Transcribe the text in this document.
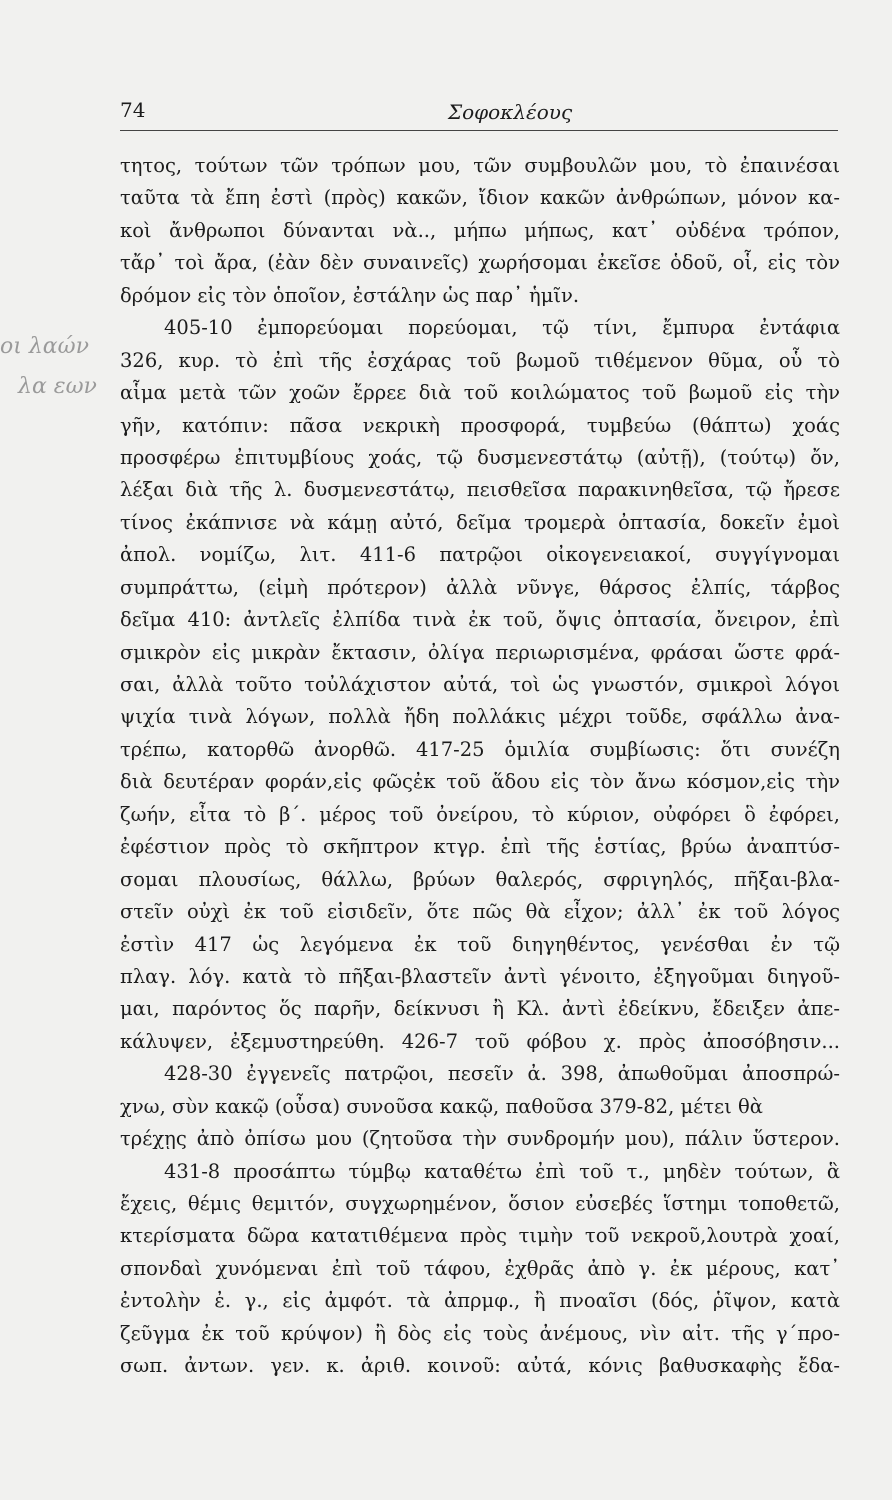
74	Σοφοκλέους
οι λαών
λα εων
τητος, τούτων τῶν τρόπων μου, τῶν συμβουλῶν μου, τὸ ἐπαινέσαι
ταῦτα τὰ ἔπη ἐστὶ (πρὸς) κακῶν, ἴδιον κακῶν ἀνθρώπων, μόνον κα-
κοὶ ἄνθρωποι δύνανται νὰ.., μήπω μήπως, κατ᾿ οὐδένα τρόπον,
τἄρ᾿ τοὶ ἄρα, (ἐὰν δὲν συναινεῖς) χωρήσομαι ἐκεῖσε ὁδοῦ, οἷ, εἰς τὸν
δρόμον εἰς τὸν ὁποῖον, ἐστάλην ὡς παρ᾿ ἡμῖν.
405-10 ἐμπορεύομαι πορεύομαι, τῷ τίνι, ἔμπυρα ἐντάφια
326, κυρ. τὸ ἐπὶ τῆς ἐσχάρας τοῦ βωμοῦ τιθέμενον θῦμα, οὗ τὸ
αἷμα μετὰ τῶν χοῶν ἔρρεε διὰ τοῦ κοιλώματος τοῦ βωμοῦ εἰς τὴν
γῆν, κατόπιν: πᾶσα νεκρικὴ προσφορά, τυμβεύω (θάπτω) χοάς
προσφέρω ἐπιτυμβίους χοάς, τῷ δυσμενεστάτῳ (αὐτῇ), (τούτῳ) ὄν,
λέξαι διὰ τῆς λ. δυσμενεστάτῳ, πεισθεῖσα παρακινηθεῖσα, τῷ ἤρεσε
τίνος ἐκάπνισε νὰ κάμῃ αὐτό, δεῖμα τρομερὰ ὀπτασία, δοκεῖν ἐμοὶ
ἀπολ. νομίζω, λιτ. 411-6 πατρῷοι οἰκογενειακοί, συγγίγνομαι
συμπράττω, (εἰμὴ πρότερον) ἀλλὰ νῦνγε, θάρσος ἐλπίς, τάρβος
δεῖμα 410: ἀντλεῖς ἐλπίδα τινὰ ἐκ τοῦ, ὄψις ὀπτασία, ὄνειρον, ἐπὶ
σμικρὸν εἰς μικρὰν ἔκτασιν, ὀλίγα περιωρισμένα, φράσαι ὥστε φρά-
σαι, ἀλλὰ τοῦτο τοὐλάχιστον αὐτά, τοὶ ὡς γνωστόν, σμικροὶ λόγοι
ψιχία τινὰ λόγων, πολλὰ ἤδη πολλάκις μέχρι τοῦδε, σφάλλω ἀνα-
τρέπω, κατορθῶ ἀνορθῶ. 417-25 ὁμιλία συμβίωσις: ὅτι συνέζη
διὰ δευτέραν φοράν,εἰς φῶςἐκ τοῦ ἅδου εἰς τὸν ἄνω κόσμον,εἰς τὴν
ζωήν, εἶτα τὸ β΄. μέρος τοῦ ὀνείρου, τὸ κύριον, οὐφόρει ὃ ἐφόρει,
ἐφέστιον πρὸς τὸ σκῆπτρον κτγρ. ἐπὶ τῆς ἑστίας, βρύω ἀναπτύσ-
σομαι πλουσίως, θάλλω, βρύων θαλερός, σφριγηλός, πῆξαι-βλα-
στεῖν οὐχὶ ἐκ τοῦ εἰσιδεῖν, ὅτε πῶς θὰ εἶχον; ἀλλ᾿ ἐκ τοῦ λόγος
ἐστὶν 417 ὡς λεγόμενα ἐκ τοῦ διηγηθέντος, γενέσθαι ἐν τῷ
πλαγ. λόγ. κατὰ τὸ πῆξαι-βλαστεῖν ἀντὶ γένοιτο, ἐξηγοῦμαι διηγοῦ-
μαι, παρόντος ὅς παρῆν, δείκνυσι ἢ Κλ. ἀντὶ ἐδείκνυ, ἔδειξεν ἀπε-
κάλυψεν, ἐξεμυστηρεύθη. 426-7 τοῦ φόβου χ. πρὸς ἀποσόβησιν...
428-30 ἐγγενεῖς πατρῷοι, πεσεῖν ἀ. 398, ἀπωθοῦμαι ἀποσπρώ-
χνω, σὺν κακῷ (οὖσα) συνοῦσα κακῷ, παθοῦσα 379-82, μέτει θὰ
τρέχῃς ἀπὸ ὀπίσω μου (ζητοῦσα τὴν συνδρομήν μου), πάλιν ὕστερον.
431-8 προσάπτω τύμβῳ καταθέτω ἐπὶ τοῦ τ., μηδὲν τούτων, ἃ
ἔχεις, θέμις θεμιτόν, συγχωρημένον, ὅσιον εὐσεβές ἵστημι τοποθετῶ,
κτερίσματα δῶρα κατατιθέμενα πρὸς τιμὴν τοῦ νεκροῦ,λουτρὰ χοαί,
σπονδαὶ χυνόμεναι ἐπὶ τοῦ τάφου, ἐχθρᾶς ἀπὸ γ. ἐκ μέρους, κατ᾿
ἐντολὴν ἐ. γ., εἰς ἀμφότ. τὰ ἀπρμφ., ἢ πνοαῖσι (δός, ῥῖψον, κατὰ
ζεῦγμα ἐκ τοῦ κρύψον) ἢ δὸς εἰς τοὺς ἀνέμους, νὶν αἰτ. τῆς γ΄προ-
σωπ. ἀντων. γεν. κ. ἀριθ. κοινοῦ: αὐτά, κόνις βαθυσκαφὴς ἔδα-
